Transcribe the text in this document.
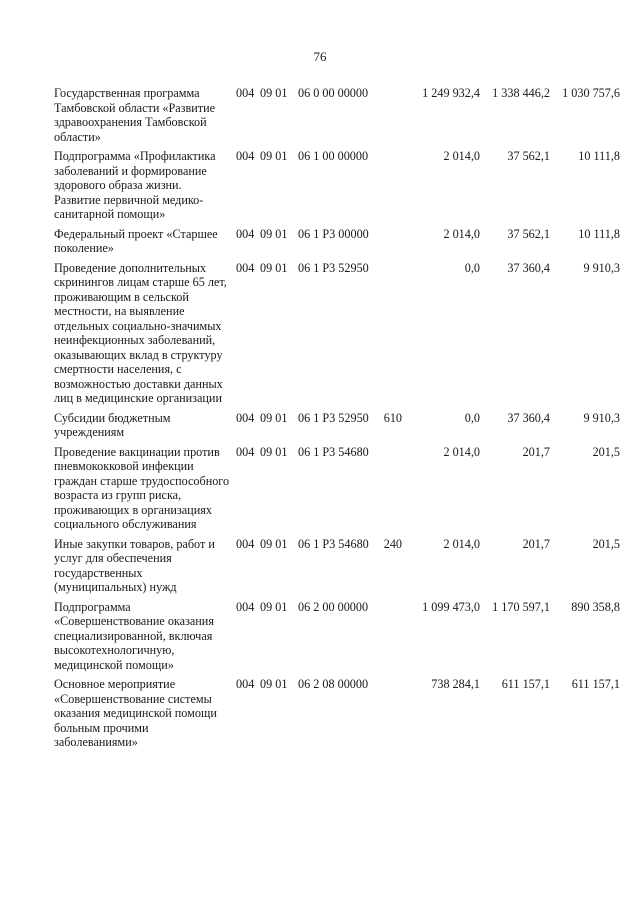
76
Государственная программа Тамбовской области «Развитие здравоохранения Тамбовской области»	004	09 01	06 0 00 00000		1 249 932,4	1 338 446,2	1 030 757,6
Подпрограмма «Профилактика заболеваний и формирование здорового образа жизни. Развитие первичной медико-санитарной помощи»	004	09 01	06 1 00 00000		2 014,0	37 562,1	10 111,8
Федеральный проект «Старшее поколение»	004	09 01	06 1 Р3 00000		2 014,0	37 562,1	10 111,8
Проведение дополнительных скринингов лицам старше 65 лет, проживающим в сельской местности, на выявление отдельных социально-значимых неинфекционных заболеваний, оказывающих вклад в структуру смертности населения, с возможностью доставки данных лиц в медицинские организации	004	09 01	06 1 Р3 52950		0,0	37 360,4	9 910,3
Субсидии бюджетным учреждениям	004	09 01	06 1 Р3 52950	610	0,0	37 360,4	9 910,3
Проведение вакцинации против пневмококковой инфекции граждан старше трудоспособного возраста из групп риска, проживающих в организациях социального обслуживания	004	09 01	06 1 Р3 54680		2 014,0	201,7	201,5
Иные закупки товаров, работ и услуг для обеспечения государственных (муниципальных) нужд	004	09 01	06 1 Р3 54680	240	2 014,0	201,7	201,5
Подпрограмма «Совершенствование оказания специализированной, включая высокотехнологичную, медицинской помощи»	004	09 01	06 2 00 00000		1 099 473,0	1 170 597,1	890 358,8
Основное мероприятие «Совершенствование системы оказания медицинской помощи больным прочими заболеваниями»	004	09 01	06 2 08 00000		738 284,1	611 157,1	611 157,1
